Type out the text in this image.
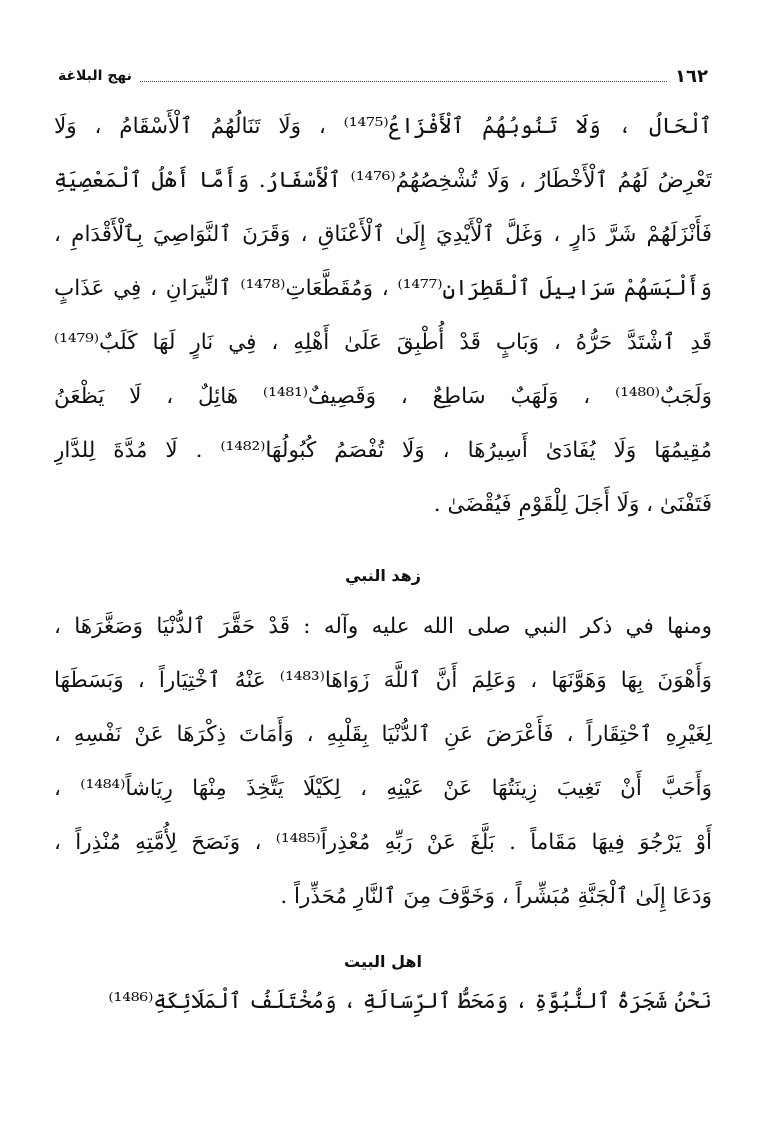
١٦٢
نهج البلاغة
ٱلْحَالُ ، وَلَا تَنُوبُهُمُ ٱلْأَفْزَاعُ⁽¹⁴⁷⁵⁾ ، وَلَا تَنَالُهُمُ ٱلْأَسْقَامُ ، وَلَا
تَعْرِضُ لَهُمُ ٱلْأَخْطَارُ ، وَلَا تُشْخِصُهُمُ⁽¹⁴⁷⁶⁾ ٱلْأَسْفَارُ. وَأَمَّا أَهْلُ ٱلْمَعْصِيَةِ
فَأَنْزَلَهُمْ شَرَّ دَارٍ ، وَغَلَّ ٱلْأَيْدِيَ إِلَىٰ ٱلْأَعْنَاقِ ، وَقَرَنَ ٱلنَّوَاصِيَ بِٱلْأَقْدَامِ ،
وَأَلْبَسَهُمْ سَرَابِيلَ ٱلْقَطِرَانِ⁽¹⁴⁷⁷⁾ ، وَمُقَطَّعَاتِ⁽¹⁴⁷⁸⁾ ٱلنِّيرَانِ ، فِي عَذَابٍ
قَدِ ٱشْتَدَّ حَرُّهُ ، وَبَابٍ قَدْ أُطْبِقَ عَلَىٰ أَهْلِهِ ، فِي نَارٍ لَهَا كَلَبٌ⁽¹⁴⁷⁹⁾
وَلَجَبٌ⁽¹⁴⁸⁰⁾ ، وَلَهَبٌ سَاطِعٌ ، وَقَصِيفٌ⁽¹⁴⁸¹⁾ هَائِلٌ ، لَا يَظْعَنُ
مُقِيمُهَا وَلَا يُفَادَىٰ أَسِيرُهَا ، وَلَا تُفْصَمُ كُبُولُهَا⁽¹⁴⁸²⁾ . لَا مُدَّةَ لِلدَّارِ
فَتَفْنَىٰ ، وَلَا أَجَلَ لِلْقَوْمِ فَيُقْضَىٰ .
زهد النبي
ومنها في ذكر النبي صلى الله عليه وآله : قَدْ حَقَّرَ ٱلدُّنْيَا وَصَغَّرَهَا ،
وَأَهْوَنَ بِهَا وَهَوَّنَهَا ، وَعَلِمَ أَنَّ ٱللَّهَ زَوَاهَا⁽¹⁴⁸³⁾ عَنْهُ ٱخْتِيَاراً ، وَبَسَطَهَا
لِغَيْرِهِ ٱحْتِقَاراً ، فَأَعْرَضَ عَنِ ٱلدُّنْيَا بِقَلْبِهِ ، وَأَمَاتَ ذِكْرَهَا عَنْ نَفْسِهِ ،
وَأَحَبَّ أَنْ تَغِيبَ زِينَتُهَا عَنْ عَيْنِهِ ، لِكَيْلَا يَتَّخِذَ مِنْهَا رِيَاشاً⁽¹⁴⁸⁴⁾ ،
أَوْ يَرْجُوَ فِيهَا مَقَاماً . بَلَّغَ عَنْ رَبِّهِ مُعْذِراً⁽¹⁴⁸⁵⁾ ، وَنَصَحَ لِأُمَّتِهِ مُنْذِراً ،
وَدَعَا إِلَىٰ ٱلْجَنَّةِ مُبَشِّراً ، وَخَوَّفَ مِنَ ٱلنَّارِ مُحَذِّراً .
اهل البيت
نَحْنُ شَجَرَةُ ٱلنُّبُوَّةِ ، وَمَحَطُّ ٱلرِّسَالَةِ ، وَمُخْتَلَفُ ٱلْمَلَائِكَةِ⁽¹⁴⁸⁶⁾
